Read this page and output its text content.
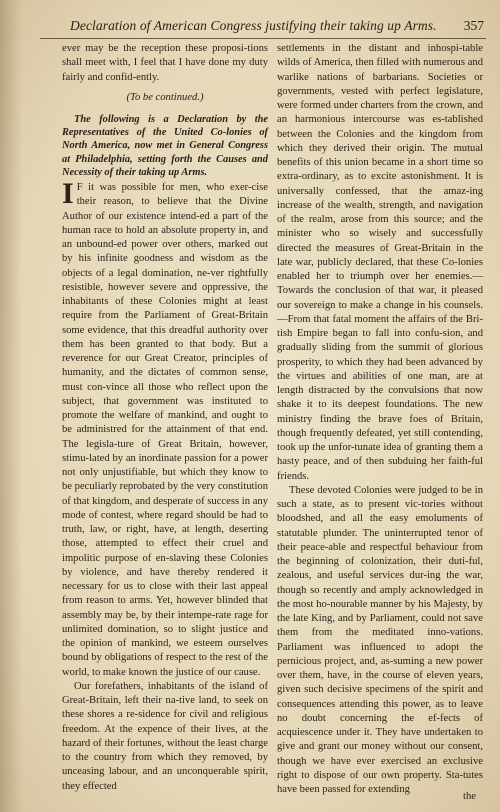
Declaration of American Congress justifying their taking up Arms. 357

ever may be the reception these proposi-tions shall meet with, I feel that I have done my duty fairly and confid-ently.

(To be continued.)

The following is a Declaration by the Representatives of the United Co-lonies of North America, now met in General Congress at Philadelphia, setting forth the Causes and Necessity of their taking up Arms.

I F it was possible for men, who exer-cise their reason, to believe that the Divine Author of our existence intend-ed a part of the human race to hold an absolute property in, and an unbound-ed power over others, marked out by his infinite goodness and wisdom as the objects of a legal domination, ne-ver rightfully resistible, however severe and oppressive, the inhabitants of these Colonies might at least require from the Parliament of Great-Britain some evidence, that this dreadful authority over them has been granted to that body. But a reverence for our Great Creator, principles of humanity, and the dictates of common sense, must con-vince all those who reflect upon the subject, that government was instituted to promote the welfare of mankind, and ought to be administred for the attainment of that end. The legisla-ture of Great Britain, however, stimu-lated by an inordinate passion for a power not only unjustifiable, but which they know to be peculiarly reprobated by the very constitution of that kingdom, and desperate of success in any mode of contest, where regard should be had to truth, law, or right, have, at length, deserting those, attempted to effect their cruel and impolitic purpose of en-slaving these Colonies by violence, and have thereby rendered it necessary for us to close with their last appeal from reason to arms. Yet, however blinded that assembly may be, by their intempe-rate rage for unlimited domination, so to slight justice and the opinion of mankind, we esteem ourselves bound by obligations of respect to the rest of the world, to make known the justice of our cause.

Our forefathers, inhabitants of the island of Great-Britain, left their na-tive land, to seek on these shores a re-sidence for civil and religious freedom. At the expence of their lives, at the hazard of their fortunes, without the least charge to the country from which they removed, by unceasing labour, and an unconquerable spirit, they effected

settlements in the distant and inhospi-table wilds of America, then filled with numerous and warlike nations of barbarians. Societies or governments, vested with perfect legislature, were formed under charters from the crown, and an harmonious intercourse was es-tablished between the Colonies and the kingdom from which they derived their origin. The mutual benefits of this union became in a short time so extra-ordinary, as to excite astonishment. It is universally confessed, that the amaz-ing increase of the wealth, strength, and navigation of the realm, arose from this source; and the minister who so wisely and successfully directed the measures of Great-Britain in the late war, publicly declared, that these Co-lonies enabled her to triumph over her enemies.—Towards the conclusion of that war, it pleased our sovereign to make a change in his counsels.—From that fatal moment the affairs of the Bri-tish Empire began to fall into confu-sion, and gradually sliding from the summit of glorious prosperity, to which they had been advanced by the virtues and abilities of one man, are at length distracted by the convulsions that now shake it to its deepest foundations. The new ministry finding the brave foes of Britain, though frequently defeated, yet still contending, took up the unfor-tunate idea of granting them a hasty peace, and of then subduing her faith-ful friends.

These devoted Colonies were judged to be in such a state, as to present vic-tories without bloodshed, and all the easy emoluments of statutable plunder. The uninterrupted tenor of their peace-able and respectful behaviour from the beginning of colonization, their duti-ful, zealous, and useful services dur-ing the war, though so recently and amply acknowledged in the most ho-nourable manner by his Majesty, by the late King, and by Parliament, could not save them from the meditated inno-vations. Parliament was influenced to adopt the pernicious project, and, as-suming a new power over them, have, in the course of eleven years, given such decisive specimens of the spirit and consequences attending this power, as to leave no doubt concerning the ef-fects of acquiescence under it. They have undertaken to give and grant our money without our consent, though we have ever exercised an exclusive right to dispose of our own property. Sta-tutes have been passed for extending

the
